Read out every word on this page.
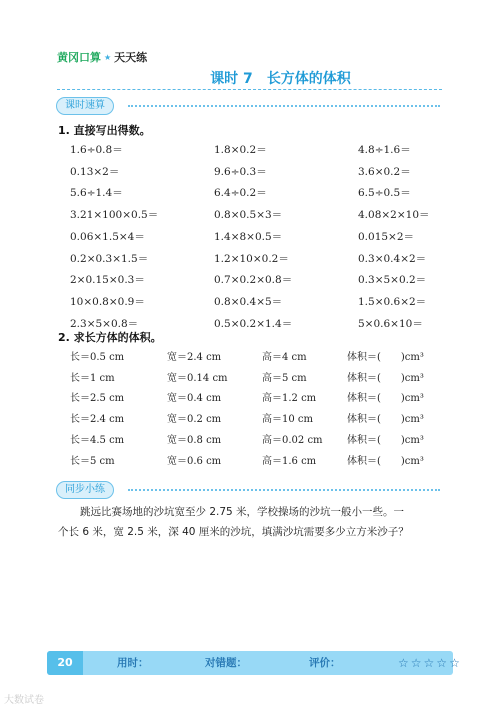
黄冈口算 ★ 天天练
课时 7 长方体的体积
课时速算
1. 直接写出得数。
1.6÷0.8＝	1.8×0.2＝	4.8÷1.6＝
0.13×2＝	9.6÷0.3＝	3.6×0.2＝
5.6÷1.4＝	6.4÷0.2＝	6.5÷0.5＝
3.21×100×0.5＝	0.8×0.5×3＝	4.08×2×10＝
0.06×1.5×4＝	1.4×8×0.5＝	0.015×2＝
0.2×0.3×1.5＝	1.2×10×0.2＝	0.3×0.4×2＝
2×0.15×0.3＝	0.7×0.2×0.8＝	0.3×5×0.2＝
10×0.8×0.9＝	0.8×0.4×5＝	1.5×0.6×2＝
2.3×5×0.8＝	0.5×0.2×1.4＝	5×0.6×10＝
2. 求长方体的体积。
长＝0.5 cm	宽＝2.4 cm	高＝4 cm	体积＝(　　)cm³
长＝1 cm	宽＝0.14 cm	高＝5 cm	体积＝(　　)cm³
长＝2.5 cm	宽＝0.4 cm	高＝1.2 cm	体积＝(　　)cm³
长＝2.4 cm	宽＝0.2 cm	高＝10 cm	体积＝(　　)cm³
长＝4.5 cm	宽＝0.8 cm	高＝0.02 cm 体积＝(　　)cm³
长＝5 cm	宽＝0.6 cm	高＝1.6 cm	体积＝(　　)cm³
同步小练

跳远比赛场地的沙坑宽至少 2.75 米，学校操场的沙坑一般小一些。一

个长 6 米，宽 2.5 米，深 40 厘米的沙坑，填满沙坑需要多少立方米沙子？

20	用时：	对错题：	评价：	☆ ☆ ☆ ☆ ☆
大数试卷
